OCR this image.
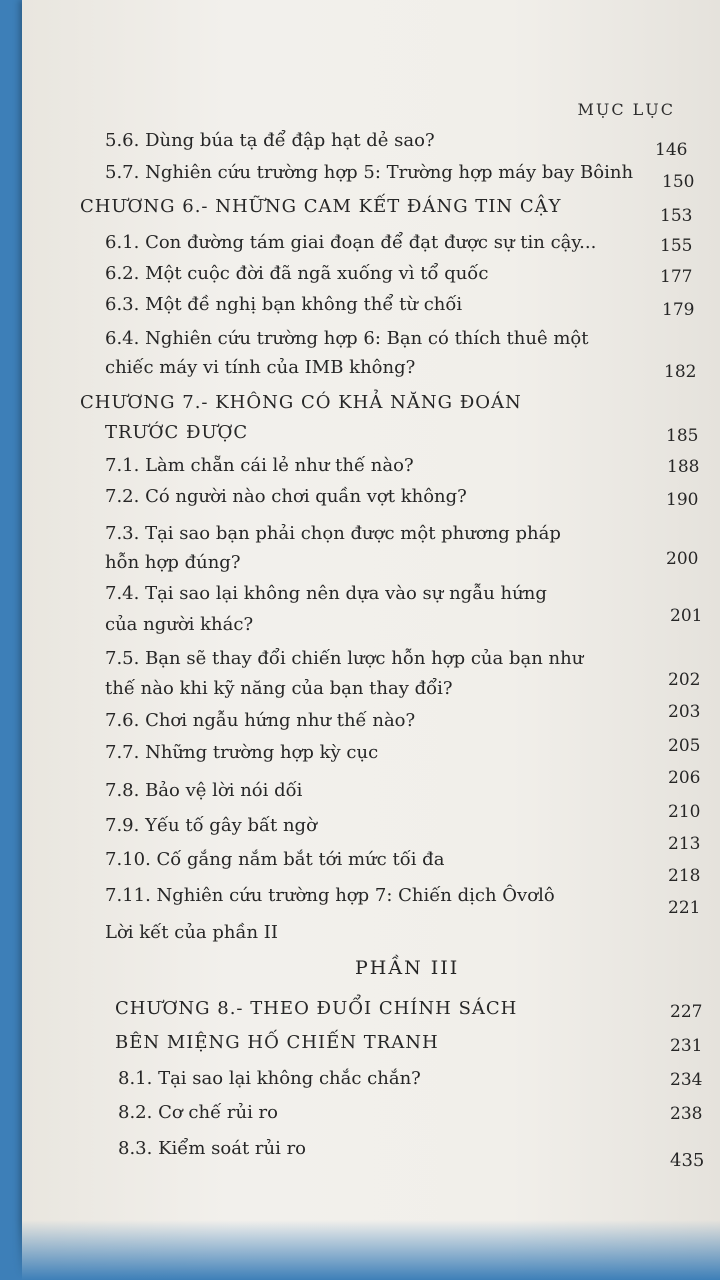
MỤC LỤC
5.6. Dùng búa tạ để đập hạt dẻ sao?
5.7. Nghiên cứu trường hợp 5: Trường hợp máy bay Bôinh
CHƯƠNG 6.- NHỮNG CAM KẾT ĐÁNG TIN CẬY
6.1. Con đường tám giai đoạn để đạt được sự tin cậy...
6.2. Một cuộc đời đã ngã xuống vì tổ quốc
6.3. Một đề nghị bạn không thể từ chối
6.4. Nghiên cứu trường hợp 6: Bạn có thích thuê một
chiếc máy vi tính của IMB không?
CHƯƠNG 7.- KHÔNG CÓ KHẢ NĂNG ĐOÁN
TRƯỚC ĐƯỢC
7.1. Làm chẵn cái lẻ như thế nào?
7.2. Có người nào chơi quần vợt không?
7.3. Tại sao bạn phải chọn được một phương pháp
hỗn hợp đúng?
7.4. Tại sao lại không nên dựa vào sự ngẫu hứng
của người khác?
7.5. Bạn sẽ thay đổi chiến lược hỗn hợp của bạn như
thế nào khi kỹ năng của bạn thay đổi?
7.6. Chơi ngẫu hứng như thế nào?
7.7. Những trường hợp kỳ cục
7.8. Bảo vệ lời nói dối
7.9. Yếu tố gây bất ngờ
7.10. Cố gắng nắm bắt tới mức tối đa
7.11. Nghiên cứu trường hợp 7: Chiến dịch Ôvơlô
Lời kết của phần II
PHẦN III
CHƯƠNG 8.- THEO ĐUỔI CHÍNH SÁCH
BÊN MIỆNG HỐ CHIẾN TRANH
8.1. Tại sao lại không chắc chắn?
8.2. Cơ chế rủi ro
8.3. Kiểm soát rủi ro
146
150
153
155
177
179
182
185
188
190
200
201
202
203
205
206
210
213
218
221
227
231
234
238
435
